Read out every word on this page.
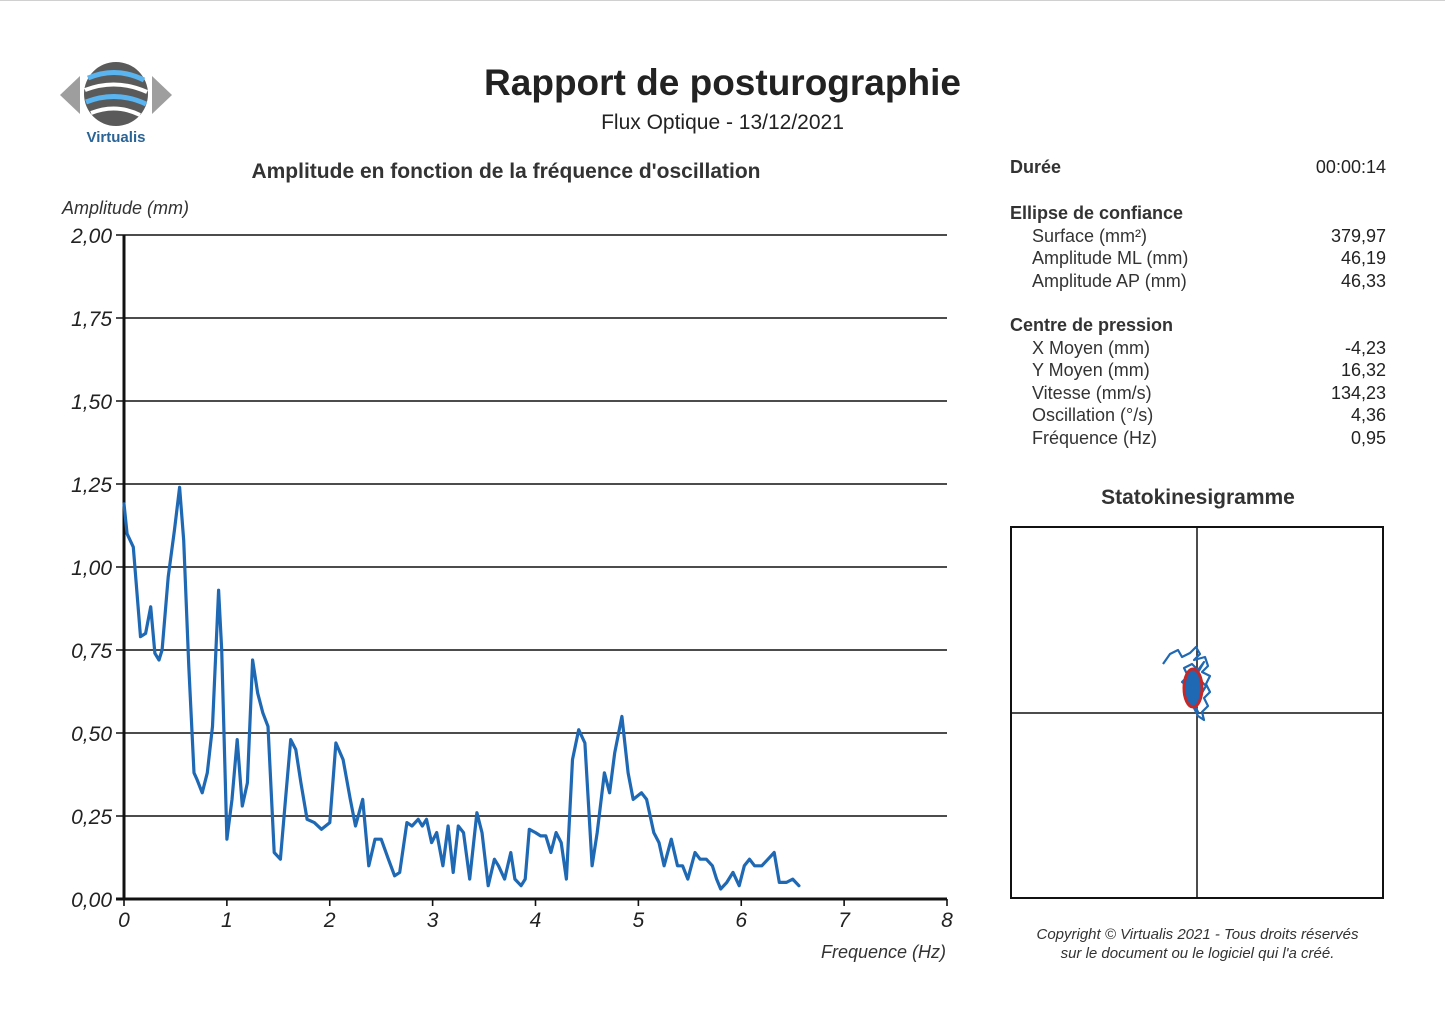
Virtualis
Rapport de posturographie
Flux Optique - 13/12/2021
Amplitude en fonction de la fréquence d'oscillation
0,00
0,25
0,50
0,75
1,00
1,25
1,50
1,75
2,00
0	1	2	3	4	5	6	7	8
Amplitude (mm)
Frequence (Hz)
Durée	00:00:14
Ellipse de confiance
Surface (mm²)	379,97
Amplitude ML (mm)	46,19
Amplitude AP (mm)	46,33
Centre de pression
X Moyen (mm)	-4,23
Y Moyen (mm)	16,32
Vitesse (mm/s)	134,23
Oscillation (°/s)	4,36
Fréquence (Hz)	0,95
Statokinesigramme
Copyright © Virtualis 2021 - Tous droits réservés
sur le document ou le logiciel qui l'a créé.
